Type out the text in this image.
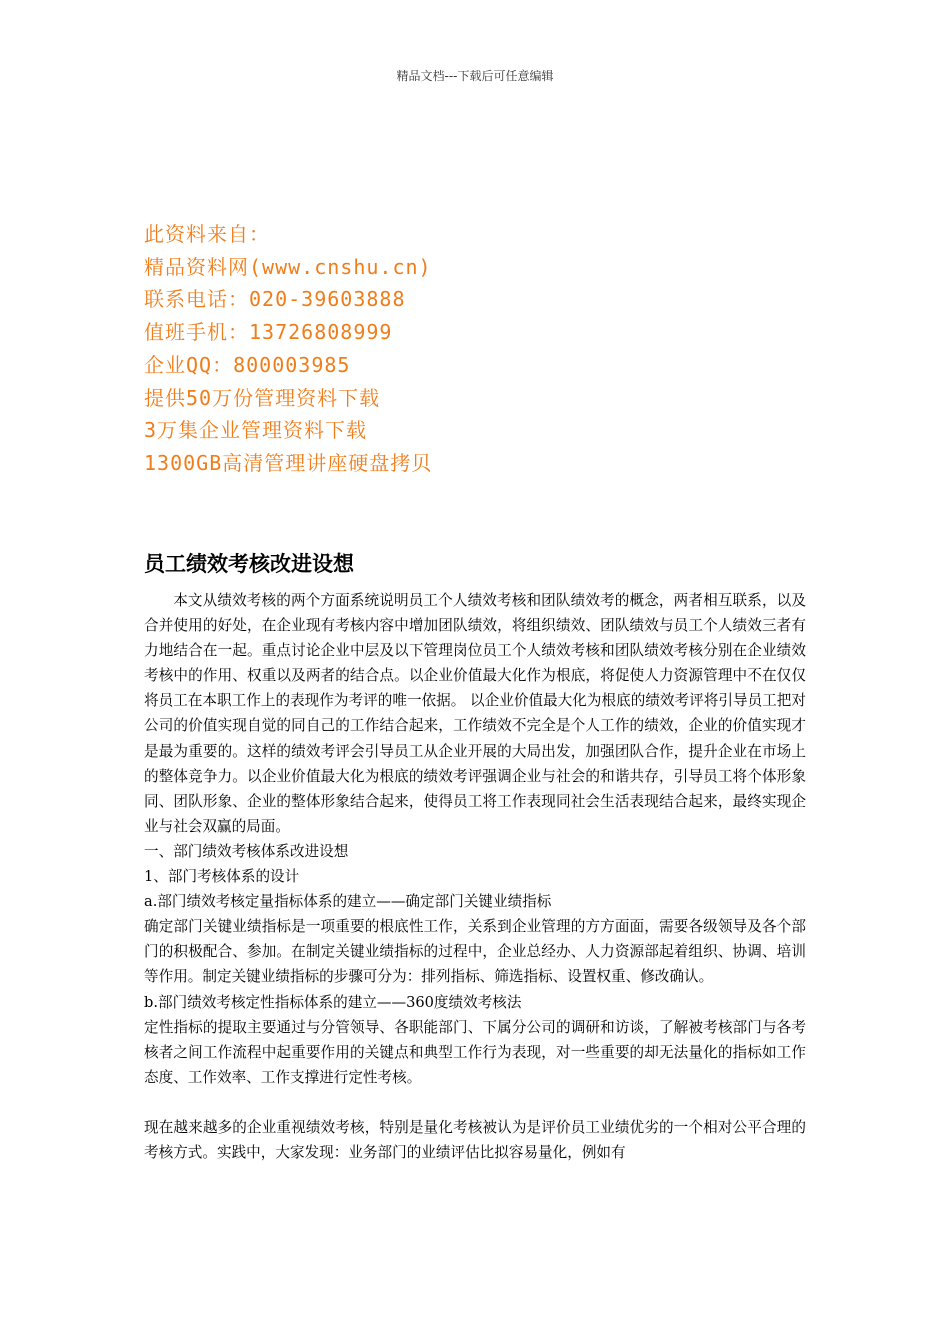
精品文档---下载后可任意编辑
此资料来自：
精品资料网(www.cnshu.cn)
联系电话：020-39603888
值班手机：13726808999
企业QQ：800003985
提供50万份管理资料下载
3万集企业管理资料下载
1300GB高清管理讲座硬盘拷贝
员工绩效考核改进设想

本文从绩效考核的两个方面系统说明员工个人绩效考核和团队绩效考的概念，两者相互联系，以及合并使用的好处，在企业现有考核内容中增加团队绩效，将组织绩效、团队绩效与员工个人绩效三者有力地结合在一起。重点讨论企业中层及以下管理岗位员工个人绩效考核和团队绩效考核分别在企业绩效考核中的作用、权重以及两者的结合点。以企业价值最大化作为根底，将促使人力资源管理中不在仅仅将员工在本职工作上的表现作为考评的唯一依据。 以企业价值最大化为根底的绩效考评将引导员工把对公司的价值实现自觉的同自己的工作结合起来，工作绩效不完全是个人工作的绩效，企业的价值实现才是最为重要的。这样的绩效考评会引导员工从企业开展的大局出发，加强团队合作，提升企业在市场上的整体竞争力。以企业价值最大化为根底的绩效考评强调企业与社会的和谐共存，引导员工将个体形象同、团队形象、企业的整体形象结合起来，使得员工将工作表现同社会生活表现结合起来，最终实现企业与社会双赢的局面。

一、部门绩效考核体系改进设想

1、部门考核体系的设计

a.部门绩效考核定量指标体系的建立——确定部门关键业绩指标

确定部门关键业绩指标是一项重要的根底性工作，关系到企业管理的方方面面，需要各级领导及各个部门的积极配合、参加。在制定关键业绩指标的过程中，企业总经办、人力资源部起着组织、协调、培训等作用。制定关键业绩指标的步骤可分为：排列指标、筛选指标、设置权重、修改确认。

b.部门绩效考核定性指标体系的建立——360度绩效考核法

定性指标的提取主要通过与分管领导、各职能部门、下属分公司的调研和访谈，了解被考核部门与各考核者之间工作流程中起重要作用的关键点和典型工作行为表现，对一些重要的却无法量化的指标如工作态度、工作效率、工作支撑进行定性考核。

现在越来越多的企业重视绩效考核，特别是量化考核被认为是评价员工业绩优劣的一个相对公平合理的考核方式。实践中，大家发现：业务部门的业绩评估比拟容易量化，例如有
